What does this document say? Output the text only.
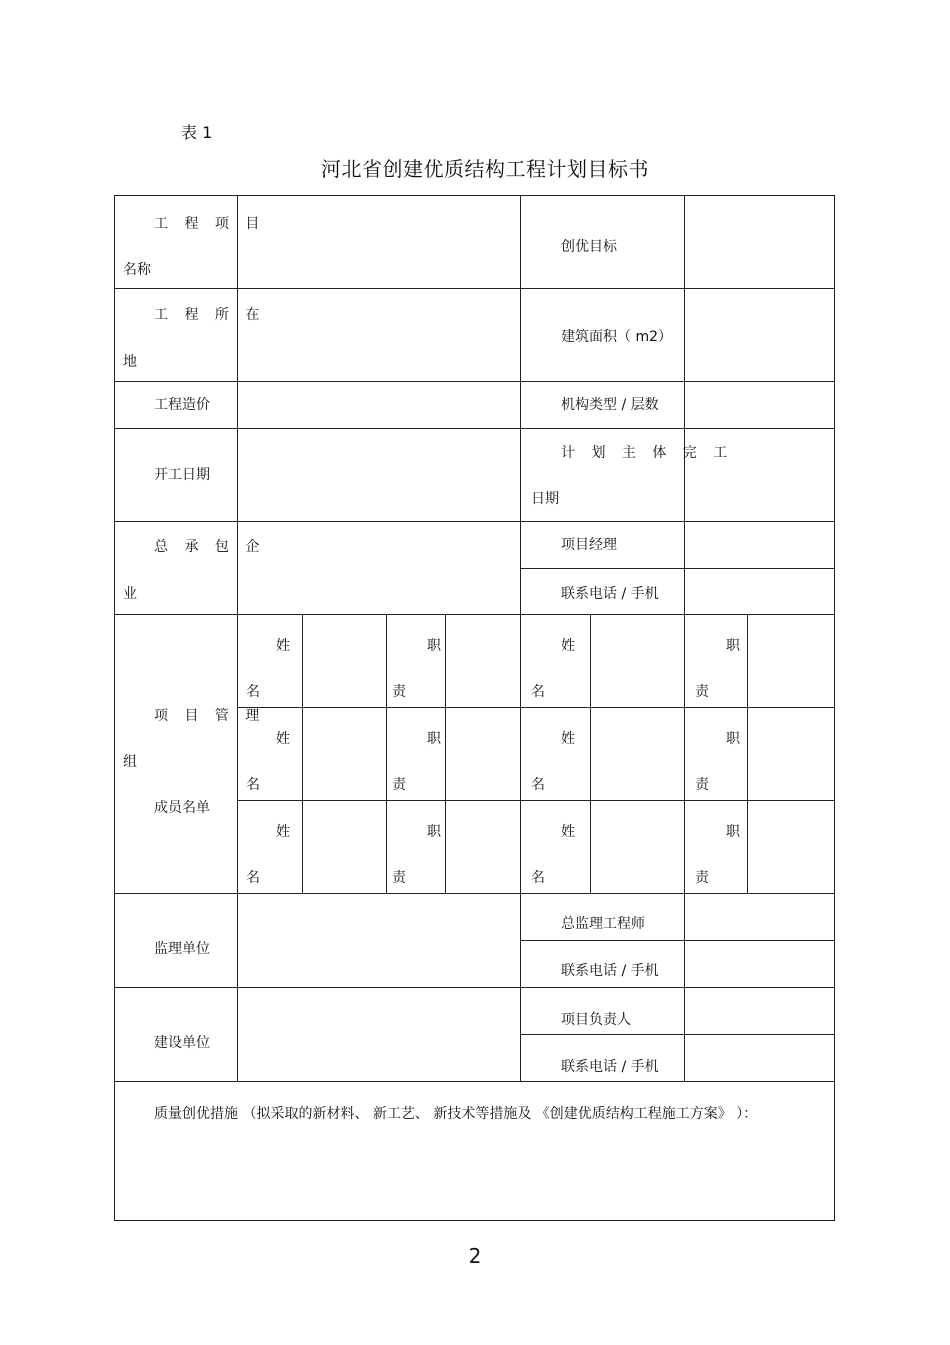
表 1
河北省创建优质结构工程计划目标书
工 程 项 目
名称
创优目标
工 程 所 在
地
建筑面积（ m2）
工程造价	机构类型 / 层数
开工日期
计 划 主 体 完 工
日期
总 承 包 企
业
项目经理
联系电话 / 手机
项 目 管 理
组
成员名单
姓
名
职
责
姓
名
职
责
姓
名
职
责
姓
名
职
责
姓
名
职
责
姓
名
职
责
监理单位
总监理工程师
联系电话 / 手机
建设单位
项目负责人
联系电话 / 手机
质量创优措施 （拟采取的新材料、 新工艺、 新技术等措施及 《创建优质结构工程施工方案》 ）：
2
